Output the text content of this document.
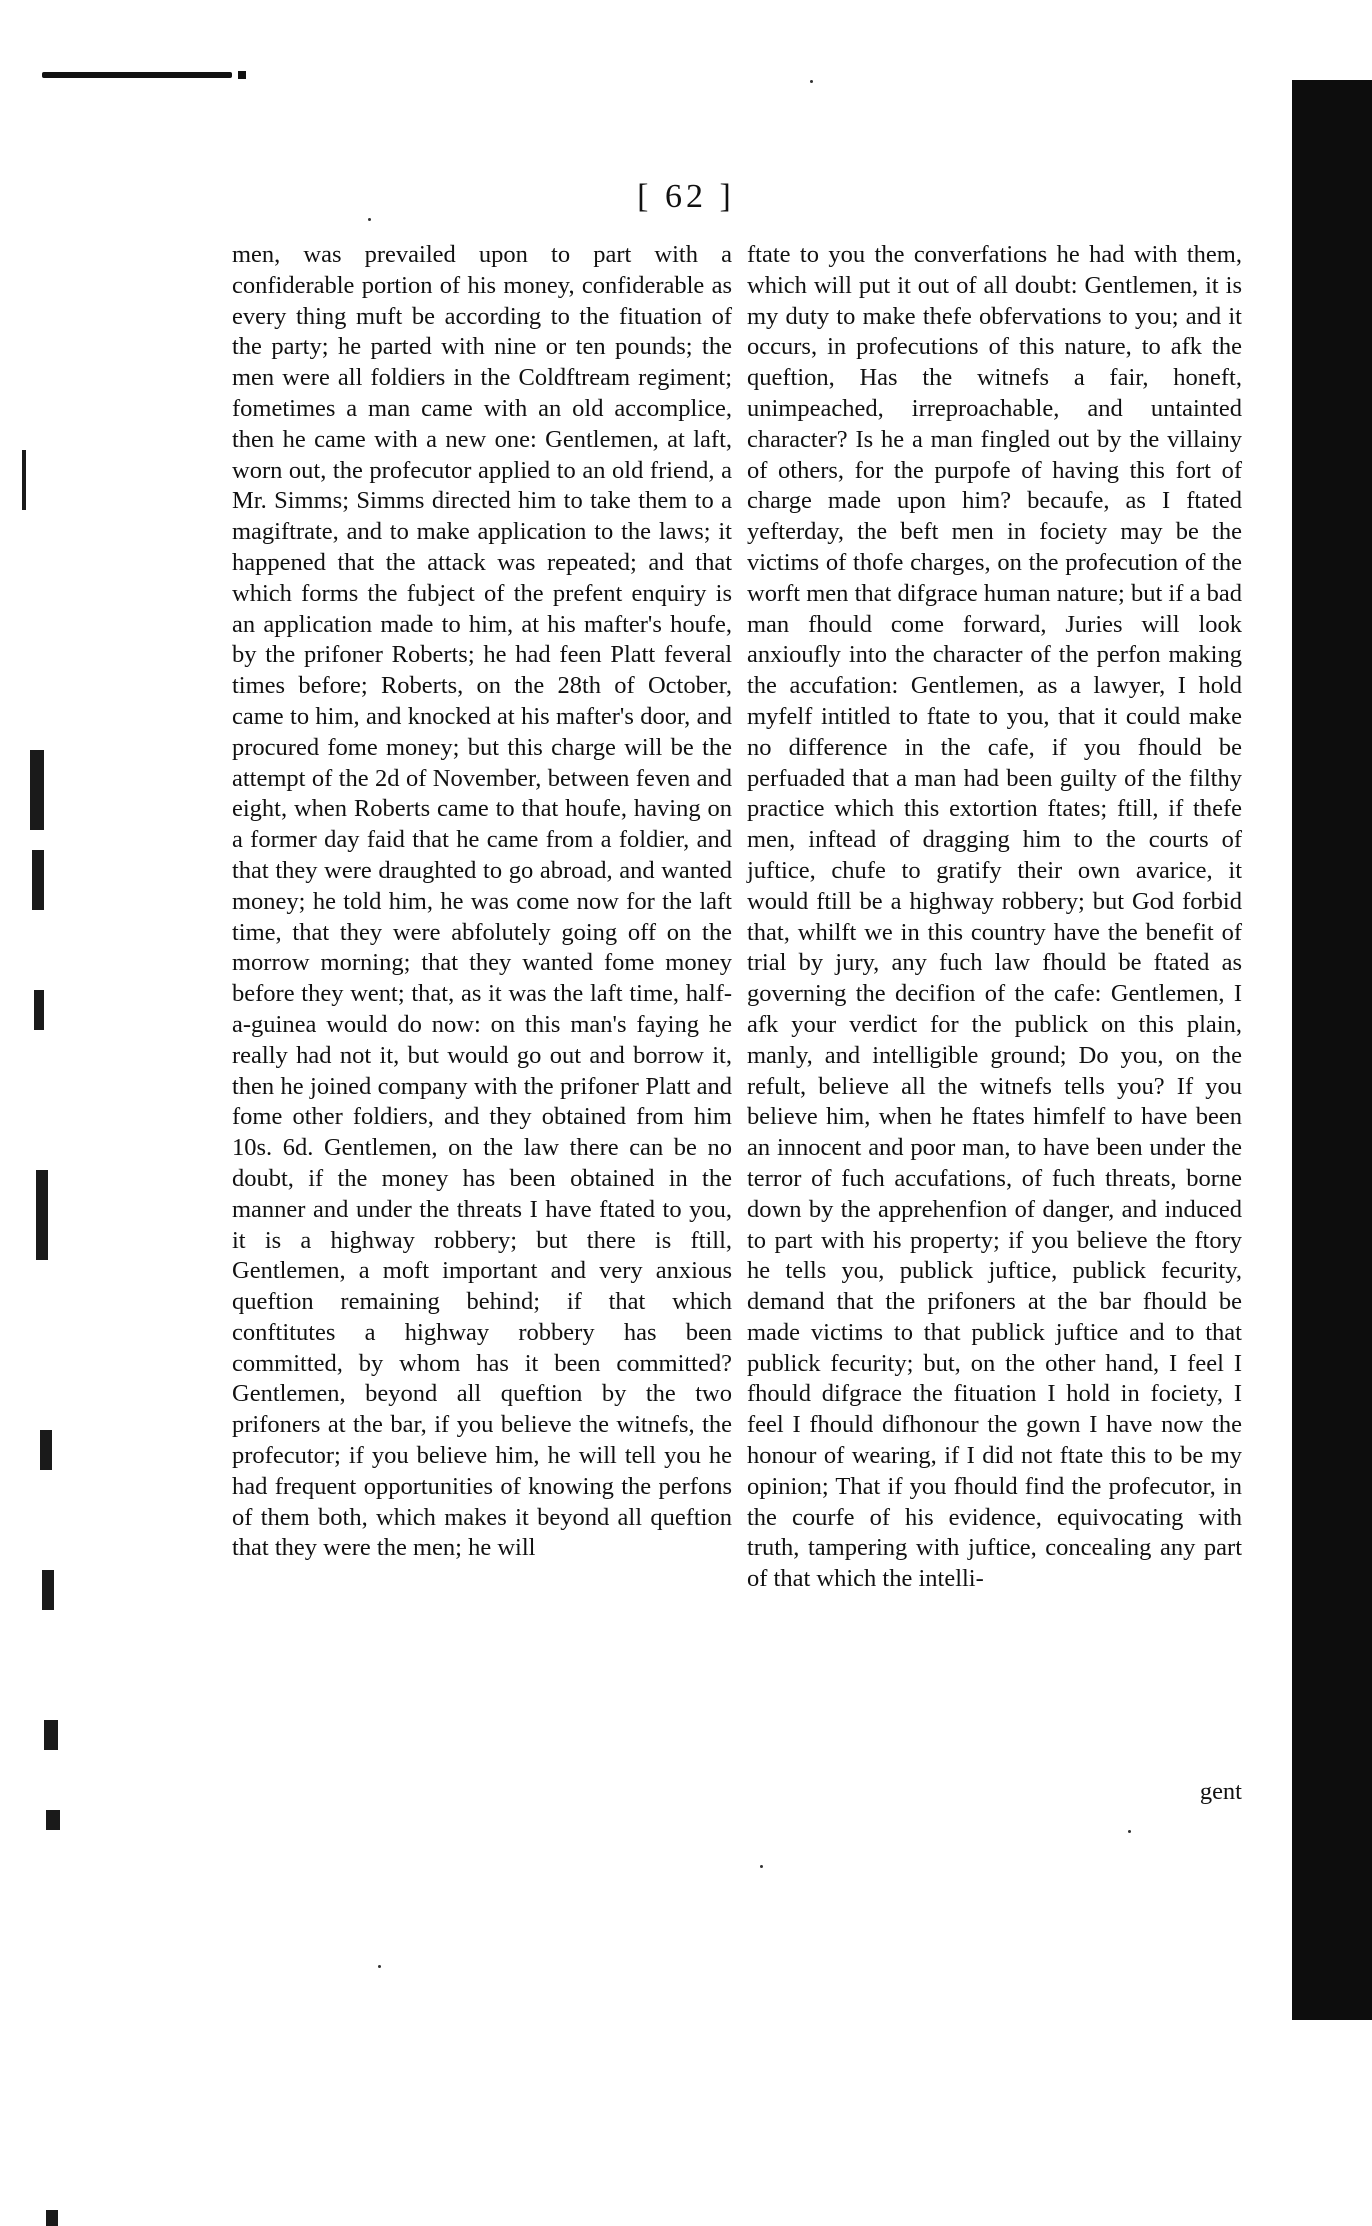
[ 62 ]
men, was prevailed upon to part with a confiderable portion of his money, confiderable as every thing muft be according to the fituation of the party; he parted with nine or ten pounds; the men were all foldiers in the Coldftream regiment; fometimes a man came with an old accomplice, then he came with a new one: Gentlemen, at laft, worn out, the profecutor applied to an old friend, a Mr. Simms; Simms directed him to take them to a magiftrate, and to make application to the laws; it happened that the attack was repeated; and that which forms the fubject of the prefent enquiry is an application made to him, at his mafter's houfe, by the prifoner Roberts; he had feen Platt feveral times before; Roberts, on the 28th of October, came to him, and knocked at his mafter's door, and procured fome money; but this charge will be the attempt of the 2d of November, between feven and eight, when Roberts came to that houfe, having on a former day faid that he came from a foldier, and that they were draughted to go abroad, and wanted money; he told him, he was come now for the laft time, that they were abfolutely going off on the morrow morning; that they wanted fome money before they went; that, as it was the laft time, half-a-guinea would do now: on this man's faying he really had not it, but would go out and borrow it, then he joined company with the prifoner Platt and fome other foldiers, and they obtained from him 10s. 6d. Gentlemen, on the law there can be no doubt, if the money has been obtained in the manner and under the threats I have ftated to you, it is a highway robbery; but there is ftill, Gentlemen, a moft important and very anxious queftion remaining behind; if that which conftitutes a highway robbery has been committed, by whom has it been committed? Gentlemen, beyond all queftion by the two prifoners at the bar, if you believe the witnefs, the profecutor; if you believe him, he will tell you he had frequent opportunities of knowing the perfons of them both, which makes it beyond all queftion that they were the men; he will
ftate to you the converfations he had with them, which will put it out of all doubt: Gentlemen, it is my duty to make thefe obfervations to you; and it occurs, in profecutions of this nature, to afk the queftion, Has the witnefs a fair, honeft, unimpeached, irreproachable, and untainted character? Is he a man fingled out by the villainy of others, for the purpofe of having this fort of charge made upon him? becaufe, as I ftated yefterday, the beft men in fociety may be the victims of thofe charges, on the profecution of the worft men that difgrace human nature; but if a bad man fhould come forward, Juries will look anxioufly into the character of the perfon making the accufation: Gentlemen, as a lawyer, I hold myfelf intitled to ftate to you, that it could make no difference in the cafe, if you fhould be perfuaded that a man had been guilty of the filthy practice which this extortion ftates; ftill, if thefe men, inftead of dragging him to the courts of juftice, chufe to gratify their own avarice, it would ftill be a highway robbery; but God forbid that, whilft we in this country have the benefit of trial by jury, any fuch law fhould be ftated as governing the decifion of the cafe: Gentlemen, I afk your verdict for the publick on this plain, manly, and intelligible ground; Do you, on the refult, believe all the witnefs tells you? If you believe him, when he ftates himfelf to have been an innocent and poor man, to have been under the terror of fuch accufations, of fuch threats, borne down by the apprehenfion of danger, and induced to part with his property; if you believe the ftory he tells you, publick juftice, publick fecurity, demand that the prifoners at the bar fhould be made victims to that publick juftice and to that publick fecurity; but, on the other hand, I feel I fhould difgrace the fituation I hold in fociety, I feel I fhould difhonour the gown I have now the honour of wearing, if I did not ftate this to be my opinion; That if you fhould find the profecutor, in the courfe of his evidence, equivocating with truth, tampering with juftice, concealing any part of that which the intelli-
gent
